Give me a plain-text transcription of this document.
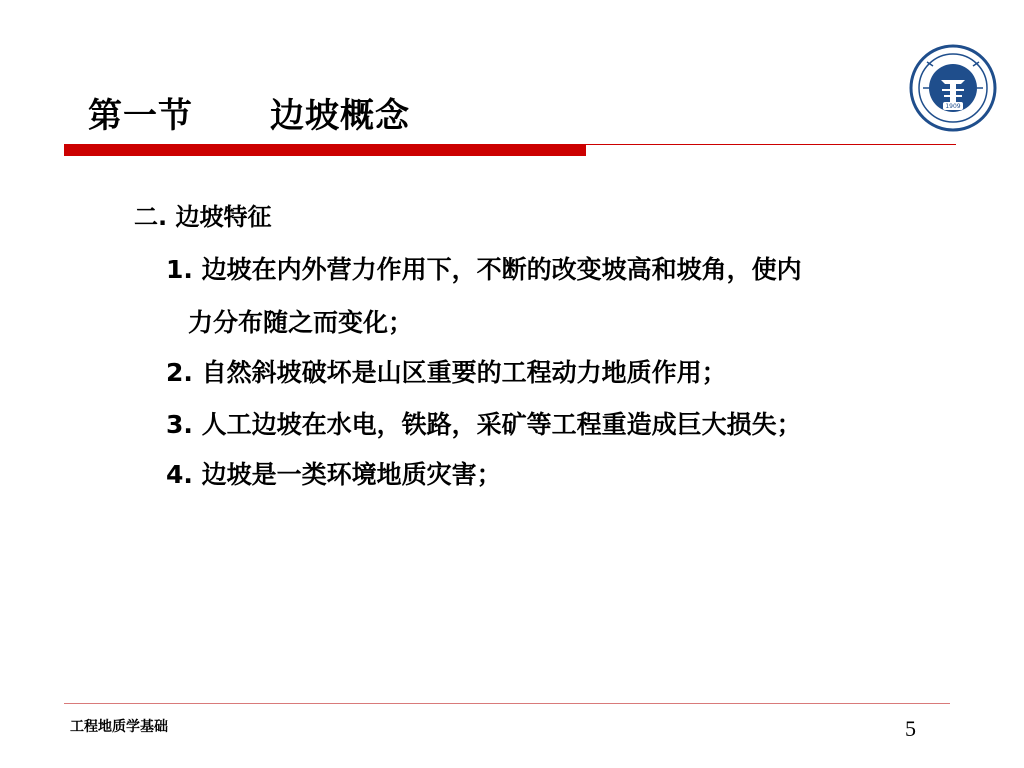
第一节      边坡概念	1909
二. 边坡特征
1. 边坡在内外营力作用下，不断的改变坡高和坡角，使内
力分布随之而变化；
2. 自然斜坡破坏是山区重要的工程动力地质作用；
3. 人工边坡在水电，铁路，采矿等工程重造成巨大损失；
4. 边坡是一类环境地质灾害；
工程地质学基础	5
